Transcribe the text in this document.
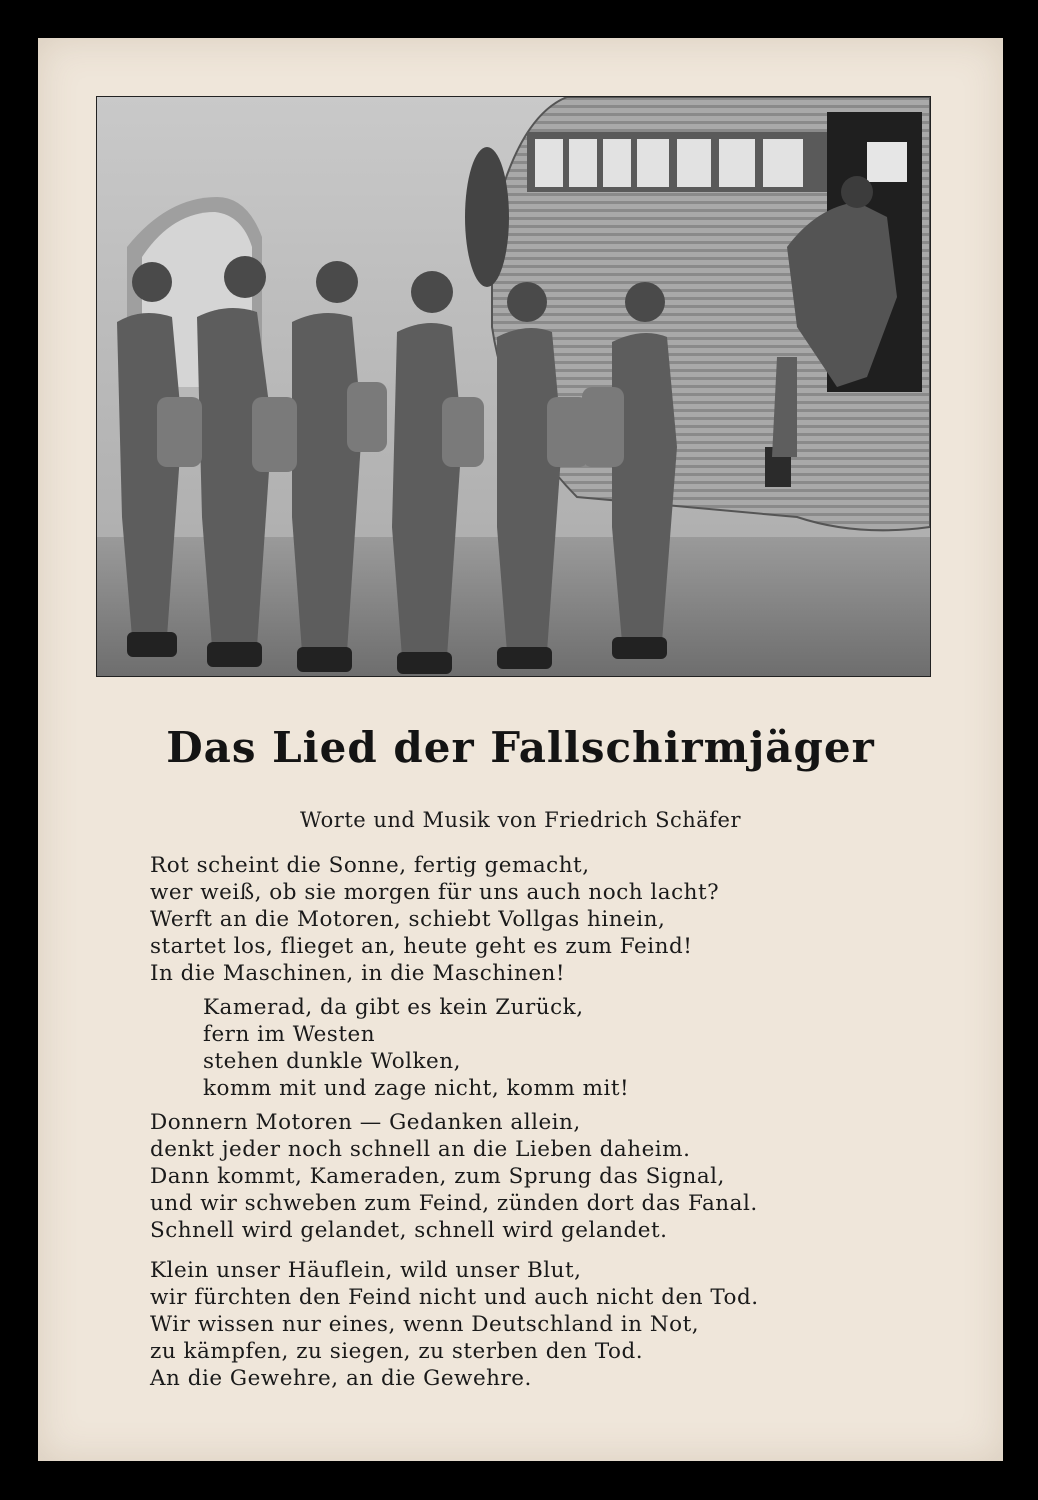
Das Lied der Fallschirmjäger
Worte und Musik von Friedrich Schäfer
Rot scheint die Sonne, fertig gemacht,
wer weiß, ob sie morgen für uns auch noch lacht?
Werft an die Motoren, schiebt Vollgas hinein,
startet los, flieget an, heute geht es zum Feind!
In die Maschinen, in die Maschinen!
Kamerad, da gibt es kein Zurück,
fern im Westen
stehen dunkle Wolken,
komm mit und zage nicht, komm mit!
Donnern Motoren — Gedanken allein,
denkt jeder noch schnell an die Lieben daheim.
Dann kommt, Kameraden, zum Sprung das Signal,
und wir schweben zum Feind, zünden dort das Fanal.
Schnell wird gelandet, schnell wird gelandet.
Klein unser Häuflein, wild unser Blut,
wir fürchten den Feind nicht und auch nicht den Tod.
Wir wissen nur eines, wenn Deutschland in Not,
zu kämpfen, zu siegen, zu sterben den Tod.
An die Gewehre, an die Gewehre.
